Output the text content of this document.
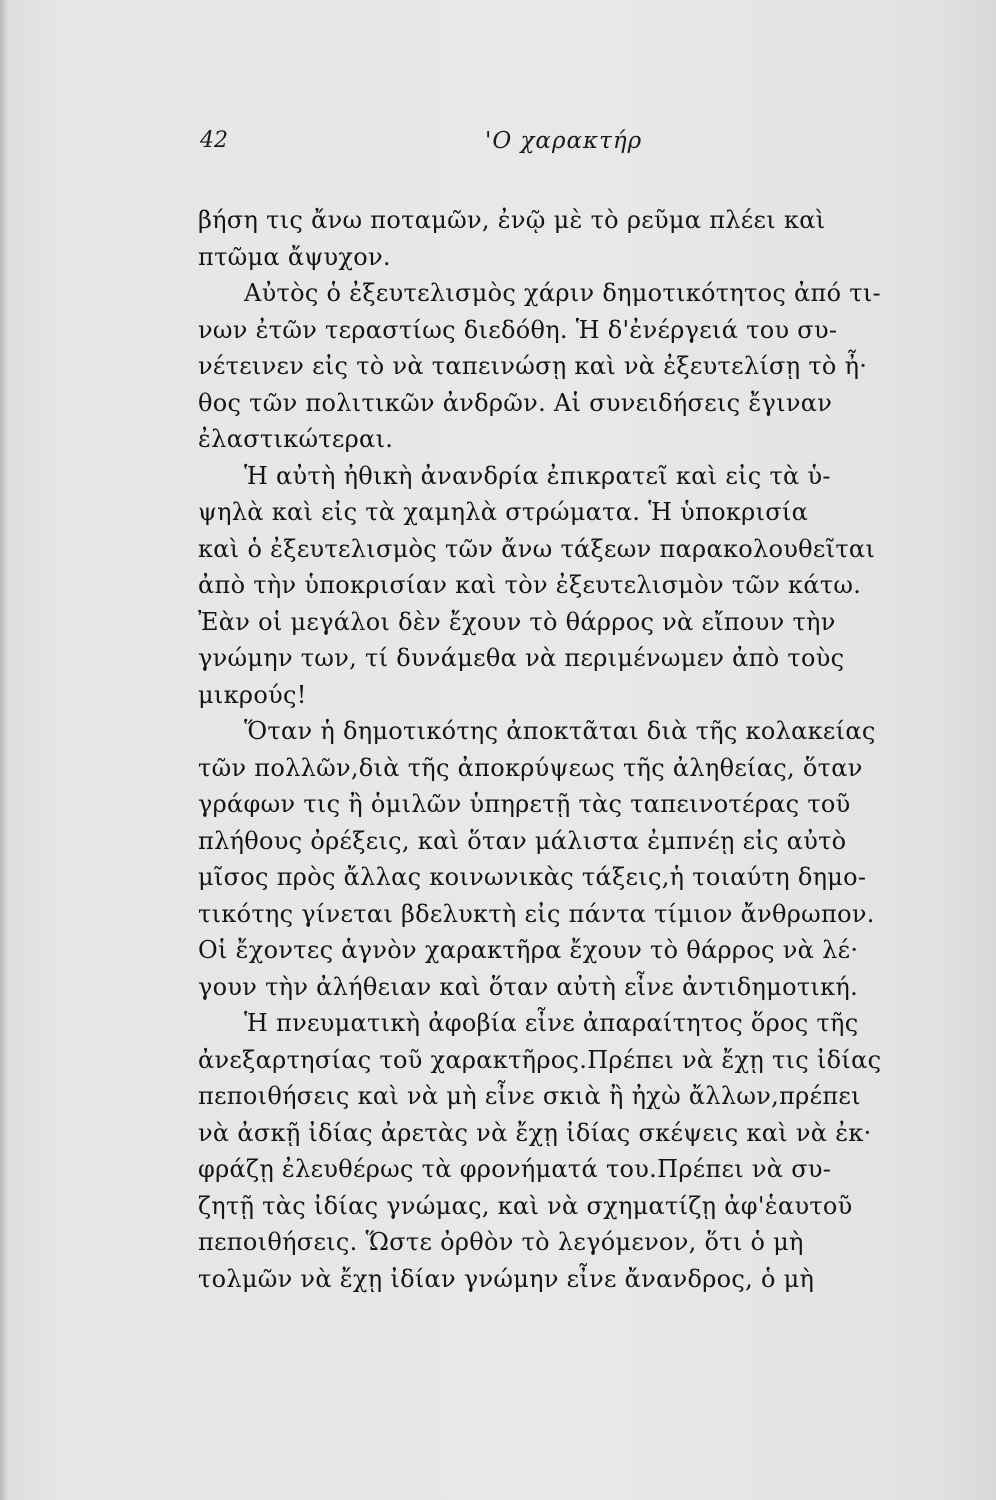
42	'Ο χαρακτήρ
βήση τις ἄνω ποταμῶν, ἐνῷ μὲ τὸ ρεῦμα πλέει καὶ
πτῶμα ἄψυχον.
Αὐτὸς ὁ ἐξευτελισμὸς χάριν δημοτικότητος ἀπό τι-
νων ἐτῶν τεραστίως διεδόθη. Ἡ δ'ἐνέργειά του συ-
νέτεινεν εἰς τὸ νὰ ταπεινώσῃ καὶ νὰ ἐξευτελίσῃ τὸ ἦ·
θος τῶν πολιτικῶν ἀνδρῶν. Αἱ συνειδήσεις ἔγιναν
ἐλαστικώτεραι.
Ἡ αὐτὴ ἠθικὴ ἀνανδρία ἐπικρατεῖ καὶ εἰς τὰ ὑ-
ψηλὰ καὶ εἰς τὰ χαμηλὰ στρώματα. Ἡ ὑποκρισία
καὶ ὁ ἐξευτελισμὸς τῶν ἄνω τάξεων παρακολουθεῖται
ἀπὸ τὴν ὑποκρισίαν καὶ τὸν ἐξευτελισμὸν τῶν κάτω.
Ἐὰν οἱ μεγάλοι δὲν ἔχουν τὸ θάρρος νὰ εἴπουν τὴν
γνώμην των, τί δυνάμεθα νὰ περιμένωμεν ἀπὸ τοὺς
μικρούς!
Ὅταν ἡ δημοτικότης ἀποκτᾶται διὰ τῆς κολακείας
τῶν πολλῶν,διὰ τῆς ἀποκρύψεως τῆς ἀληθείας, ὅταν
γράφων τις ἢ ὁμιλῶν ὑπηρετῇ τὰς ταπεινοτέρας τοῦ
πλήθους ὀρέξεις, καὶ ὅταν μάλιστα ἐμπνέῃ εἰς αὐτὸ
μῖσος πρὸς ἄλλας κοινωνικὰς τάξεις,ἡ τοιαύτη δημο-
τικότης γίνεται βδελυκτὴ εἰς πάντα τίμιον ἄνθρωπον.
Οἱ ἔχοντες ἁγνὸν χαρακτῆρα ἔχουν τὸ θάρρος νὰ λέ·
γουν τὴν ἀλήθειαν καὶ ὅταν αὐτὴ εἶνε ἀντιδημοτική.
Ἡ πνευματικὴ ἀφοβία εἶνε ἀπαραίτητος ὅρος τῆς
ἀνεξαρτησίας τοῦ χαρακτῆρος.Πρέπει νὰ ἔχῃ τις ἰδίας
πεποιθήσεις καὶ νὰ μὴ εἶνε σκιὰ ἢ ἠχὼ ἄλλων,πρέπει
νὰ ἀσκῇ ἰδίας ἀρετὰς νὰ ἔχῃ ἰδίας σκέψεις καὶ νὰ ἐκ·
φράζῃ ἐλευθέρως τὰ φρονήματά του.Πρέπει νὰ συ-
ζητῇ τὰς ἰδίας γνώμας, καὶ νὰ σχηματίζῃ ἀφ'ἑαυτοῦ
πεποιθήσεις. Ὥστε ὀρθὸν τὸ λεγόμενον, ὅτι ὁ μὴ
τολμῶν νὰ ἔχῃ ἰδίαν γνώμην εἶνε ἄνανδρος, ὁ μὴ
